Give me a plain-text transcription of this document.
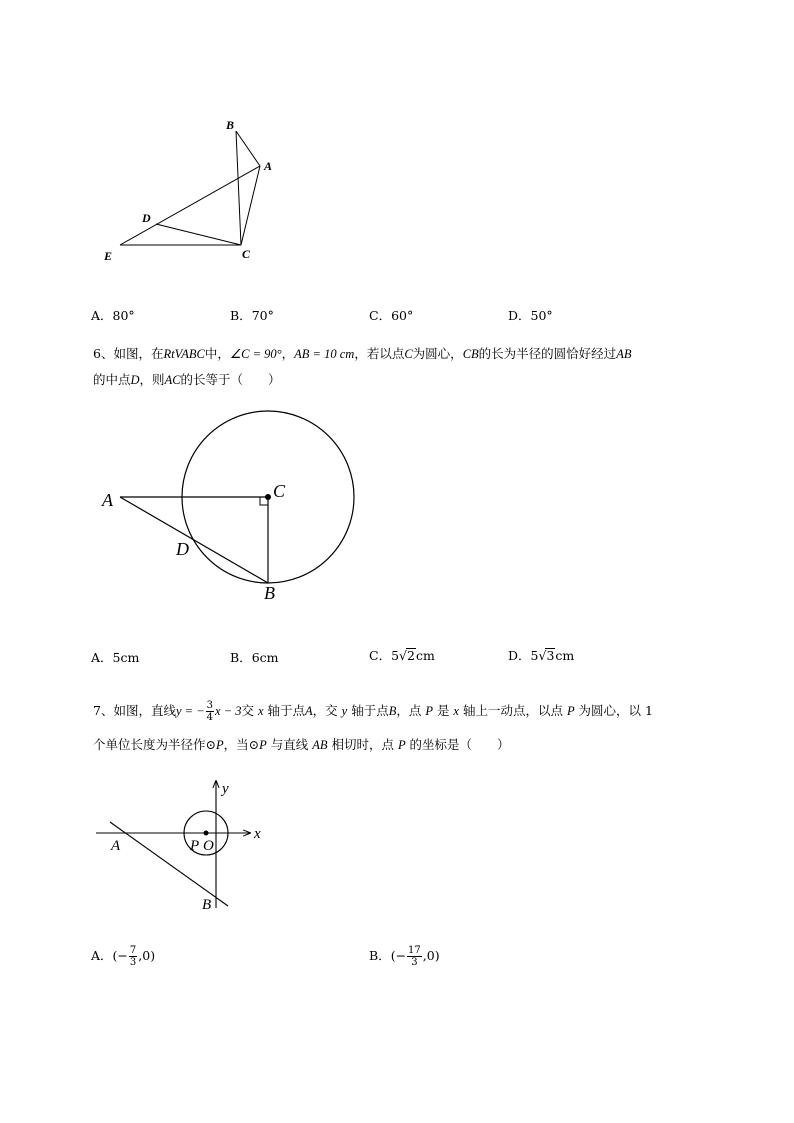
B
A
D
E	C
A．80°	B．70°	C．60°	D．50°
6、如图，在RtVABC中，∠C = 90°，AB = 10 cm，若以点C为圆心，CB的长为半径的圆恰好经过AB
的中点D，则AC的长等于（　　）
A	C
D
B
A．5cm	B．6cm	C．5√2cm	D．5√3cm
7、如图，直线y = − $\frac{3}{4}$ x − 3交 x 轴于点A，交 y 轴于点B，点 P 是 x 轴上一动点，以点 P 为圆心，以 1
个单位长度为半径作⊙P，当⊙P 与直线 AB 相切时，点 P 的坐标是（　　）
y
x
A	P O
B
A．(− $\frac{7}{3} ,0$)	B．(− $\frac{17}{3} ,0$)
